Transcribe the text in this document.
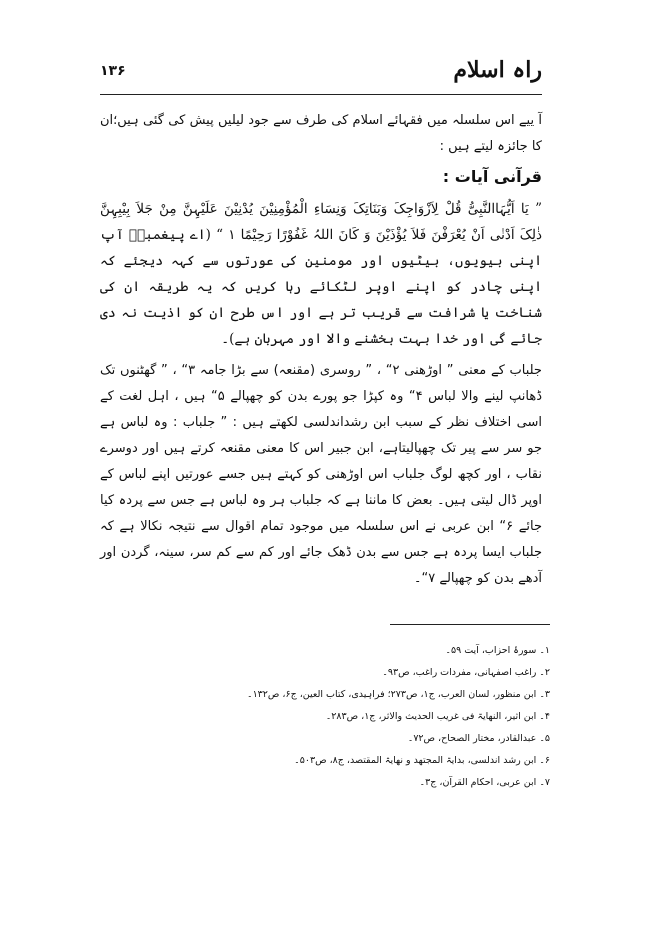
راہ اسلام
۱۳۶

آ ییے اس سلسلہ میں فقہائے اسلام کی طرف سے جود لیلیں پیش کی گئی ہیں؛ان کا جائزہ لیتے ہیں :

قرآنی آیات :

” یَا اَیُّہَاالنَّبِیُّ قُلْ لِاَزْوَاجِکَ وَبَنَاتِکَ وَنِسَاءِ الْمُؤْمِنِیْنَ یُدْنِیْنَ عَلَیْہِنَّ مِنْ جَلاَ بِیْبِہِنَّ ذٰلِکَ اَدْنٰی اَنْ یُعْرَفْنَ فَلاَ یُؤْذَیْنَ وَ کَانَ اللہُ غَفُوْرًا رَحِیْمًا ۱ “ (اے پیغمبرؐ آپ اپنی بیویوں، بیٹیوں اور مومنین کی عورتوں سے کہہ دیجئے کہ اپنی چادر کو اپنے اوپر لٹکائے رہا کریں کہ یہ طریقہ ان کی شناخت یا شرافت سے قریب تر ہے اور اس طرح ان کو اذیت نہ دی جائے گی اور خدا بہت بخشنے والا اور مہربان ہے)۔

جلباب کے معنی ” اوڑھنی ۲“ ، ” روسری (مقنعہ) سے بڑا جامہ ۳“ ، ” گھٹنوں تک ڈھانپ لینے والا لباس ۴“ وہ کپڑا جو پورے بدن کو چھپالے ۵“ ہیں ، اہل لغت کے اسی اختلاف نظر کے سبب ابن رشداندلسی لکھتے ہیں : ” جلباب : وہ لباس ہے جو سر سے پیر تک چھپالیتاہے، ابن جبیر اس کا معنی مقنعہ کرتے ہیں اور دوسرے نقاب ، اور کچھ لوگ جلباب اس اوڑھنی کو کہتے ہیں جسے عورتیں اپنے لباس کے اوپر ڈال لیتی ہیں۔ بعض کا ماننا ہے کہ جلباب ہر وہ لباس ہے جس سے پردہ کیا جائے ۶“ ابن عربی نے اس سلسلہ میں موجود تمام اقوال سے نتیجہ نکالا ہے کہ جلباب ایسا پردہ ہے جس سے بدن ڈھک جائے اور کم سے کم سر، سینہ، گردن اور آدھے بدن کو چھپالے ۷“۔

۱۔ سورۂ احزاب، آیت ۵۹۔
۲۔ راغب اصفہانی، مفردات راغب، ص۹۳۔
۳۔ ابن منظور، لسان العرب، ج۱، ص۲۷۳؛ فراہیدی، کتاب العین، ج۶، ص۱۳۲۔
۴۔ ابن اثیر، النھایۃ فی غریب الحدیث والاثر، ج۱، ص۲۸۳۔
۵۔ عبدالقادر، مختار الصحاح، ص۷۲۔
۶۔ ابن رشد اندلسی، بدایۃ المجتھد و نھایۃ المقتصد، ج۸، ص۵۰۳۔
۷۔ ابن عربی، احکام القرآن، ج۳۔
